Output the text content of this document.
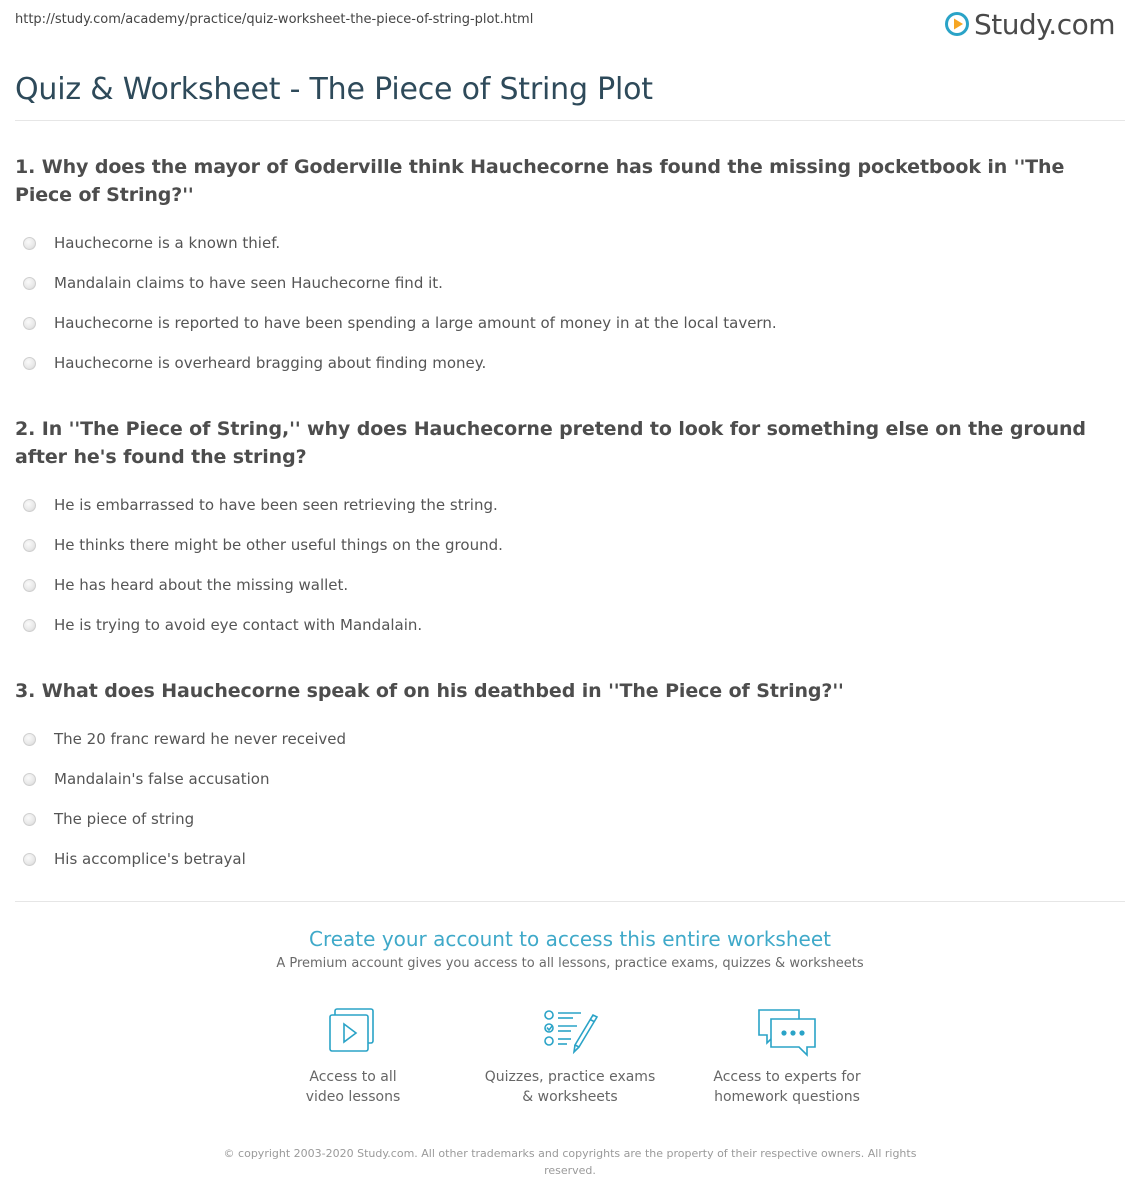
http://study.com/academy/practice/quiz-worksheet-the-piece-of-string-plot.html	Study.com
Quiz & Worksheet - The Piece of String Plot
1. Why does the mayor of Goderville think Hauchecorne has found the missing pocketbook in ''The Piece of String?''
Hauchecorne is a known thief.
Mandalain claims to have seen Hauchecorne find it.
Hauchecorne is reported to have been spending a large amount of money in at the local tavern.
Hauchecorne is overheard bragging about finding money.
2. In ''The Piece of String,'' why does Hauchecorne pretend to look for something else on the ground after he's found the string?
He is embarrassed to have been seen retrieving the string.
He thinks there might be other useful things on the ground.
He has heard about the missing wallet.
He is trying to avoid eye contact with Mandalain.
3. What does Hauchecorne speak of on his deathbed in ''The Piece of String?''
The 20 franc reward he never received
Mandalain's false accusation
The piece of string
His accomplice's betrayal
Create your account to access this entire worksheet
A Premium account gives you access to all lessons, practice exams, quizzes & worksheets
Access to all
video lessons
Quizzes, practice exams
& worksheets
Access to experts for
homework questions
© copyright 2003-2020 Study.com. All other trademarks and copyrights are the property of their respective owners. All rights reserved.
